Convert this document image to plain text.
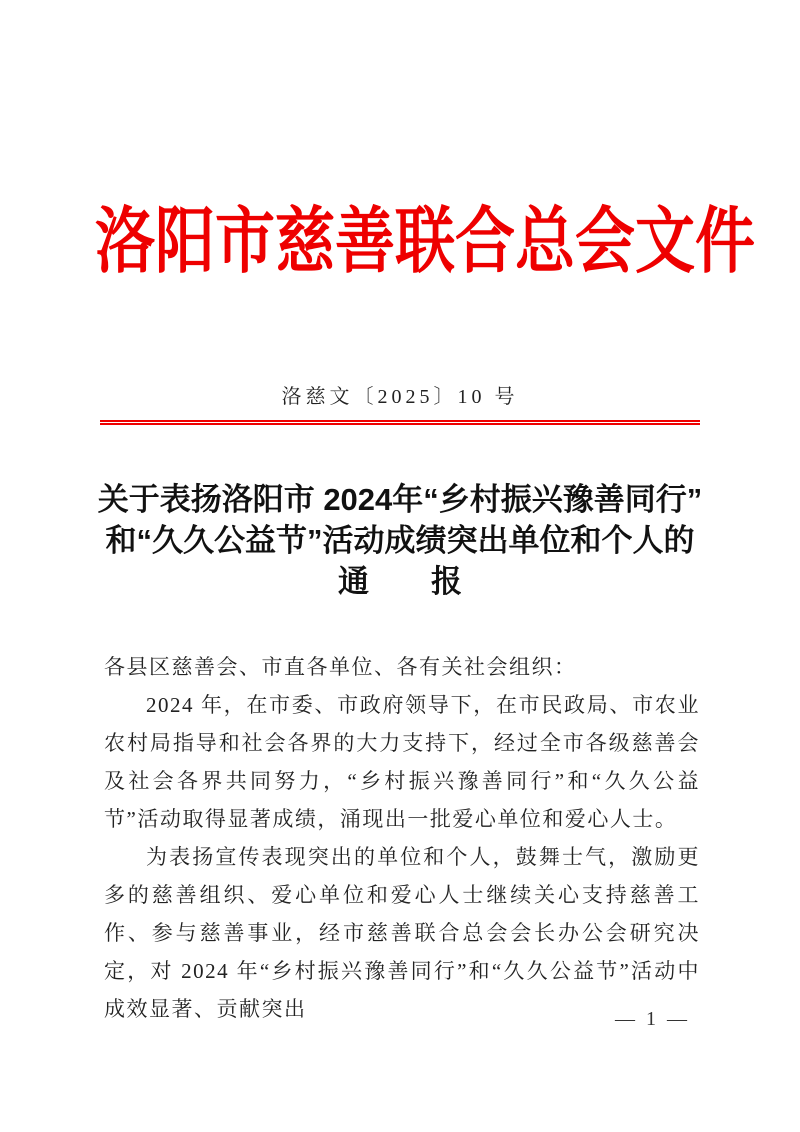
洛阳市慈善联合总会文件
洛慈文〔2025〕10 号
关于表扬洛阳市 2024年“乡村振兴豫善同行”
和“久久公益节”活动成绩突出单位和个人的
通　　报

各县区慈善会、市直各单位、各有关社会组织：

2024 年，在市委、市政府领导下，在市民政局、市农业农村局指导和社会各界的大力支持下，经过全市各级慈善会及社会各界共同努力，“乡村振兴豫善同行”和“久久公益节”活动取得显著成绩，涌现出一批爱心单位和爱心人士。

为表扬宣传表现突出的单位和个人，鼓舞士气，激励更多的慈善组织、爱心单位和爱心人士继续关心支持慈善工作、参与慈善事业，经市慈善联合总会会长办公会研究决定，对 2024 年“乡村振兴豫善同行”和“久久公益节”活动中成效显著、贡献突出	— 1 —
